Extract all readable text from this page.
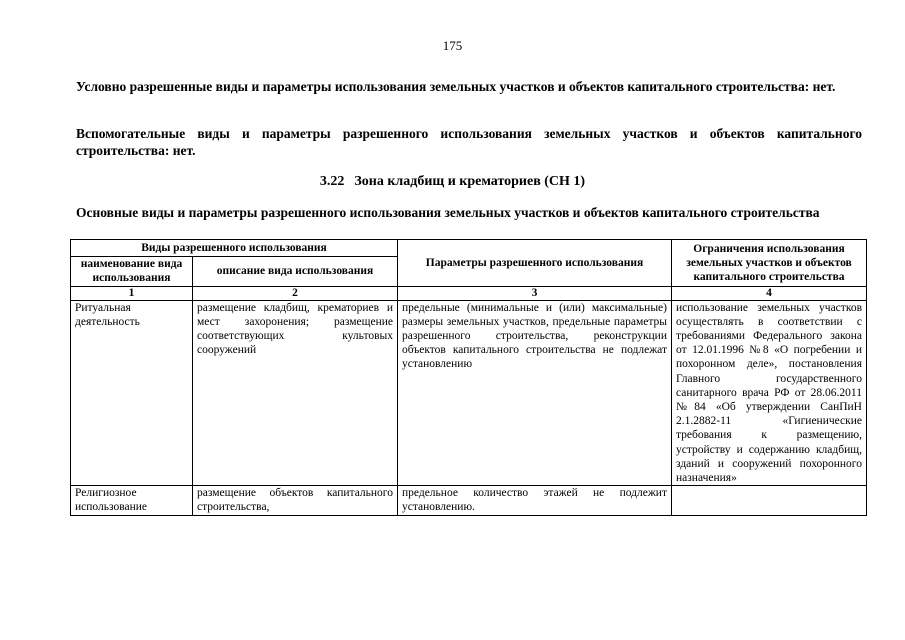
175
Условно разрешенные виды и параметры использования земельных участков и объектов капитального строительства: нет.
Вспомогательные виды и параметры разрешенного использования земельных участков и объектов капитального строительства: нет.
3.22 Зона кладбищ и крематориев (СН 1)
Основные виды и параметры разрешенного использования земельных участков и объектов капитального строительства
Виды разрешенного использования		Параметры разрешенного использования	Ограничения использования земельных участков и объектов капитального строительства
наименование вида использования	описание вида использования		
1	2	3	4
Ритуальная деятельность	размещение кладбищ, крематориев и мест захоронения; размещение соответствующих культовых сооружений	предельные (минимальные и (или) максимальные) размеры земельных участков, предельные параметры разрешенного строительства, реконструкции объектов капитального строительства не подлежат установлению	использование земельных участков осуществлять в соответствии с требованиями Федерального закона от 12.01.1996 №8 «О погребении и похоронном деле», постановления Главного государственного санитарного врача РФ от 28.06.2011 №84 «Об утверждении СанПиН 2.1.2882-11 «Гигиенические требования к размещению, устройству и содержанию кладбищ, зданий и сооружений похоронного назначения»
Религиозное использование	размещение объектов капитального строительства,	предельное количество этажей не подлежит установлению.	
